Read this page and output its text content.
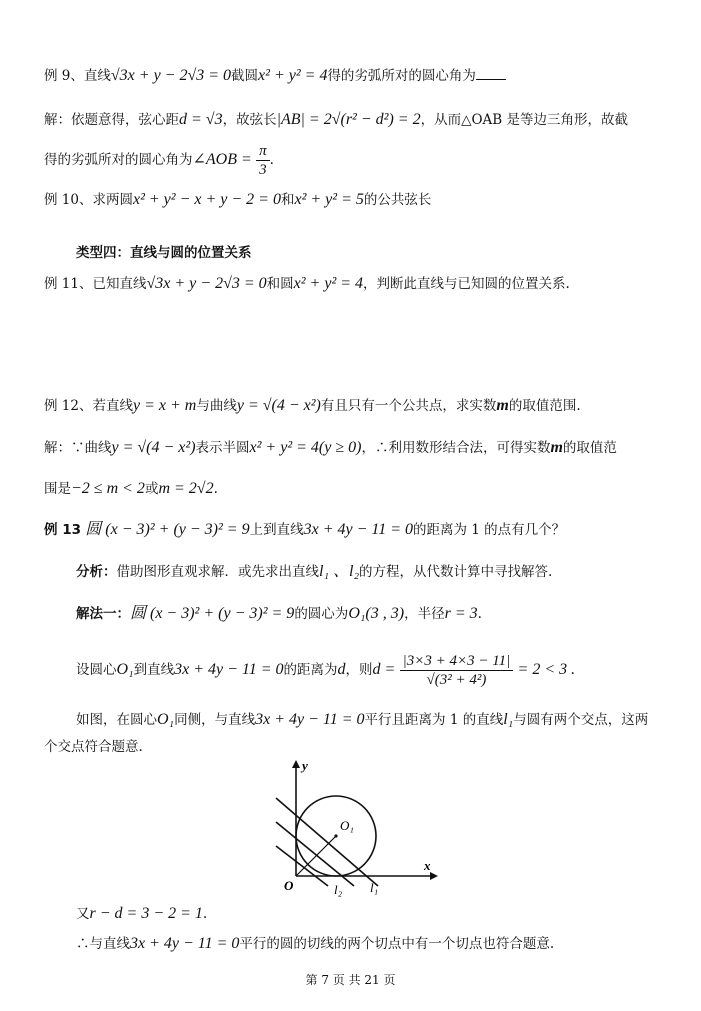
例 9、直线√3x + y − 2√3 = 0截圆x² + y² = 4得的劣弧所对的圆心角为
解：依题意得，弦心距d = √3，故弦长|AB| = 2√(r² − d²) = 2，从而△OAB 是等边三角形，故截
得的劣弧所对的圆心角为∠AOB = $\frac{\pi}{3}$ .
例 10、求两圆x² + y² − x + y − 2 = 0和x² + y² = 5的公共弦长
类型四：直线与圆的位置关系
例 11、已知直线√3x + y − 2√3 = 0和圆x² + y² = 4，判断此直线与已知圆的位置关系.
例 12、若直线y = x + m与曲线y = √(4 − x²)有且只有一个公共点，求实数m的取值范围.
解：∵曲线y = √(4 − x²)表示半圆x² + y² = 4(y ≥ 0)，∴利用数形结合法，可得实数m的取值范
围是−2 ≤ m < 2或m = 2√2.
例 13 圆 (x − 3)² + (y − 3)² = 9上到直线3x + 4y − 11 = 0的距离为 1 的点有几个？
分析：借助图形直观求解．或先求出直线l₁ 、l₂的方程，从代数计算中寻找解答.
解法一：圆 (x − 3)² + (y − 3)² = 9的圆心为O₁(3 , 3)，半径r = 3.
设圆心O₁到直线3x + 4y − 11 = 0的距离为d，则$d = \frac{|3\times 3 + 4\times 3 - 11|}{\text{√(3² + 4²)}} = 2 < 3$ .
如图，在圆心O₁同侧，与直线3x + 4y − 11 = 0平行且距离为 1 的直线l₁与圆有两个交点，这两
个交点符合题意.
y
x
O
O₁
l₂ l₁
又r − d = 3 − 2 = 1.
∴与直线3x + 4y − 11 = 0平行的圆的切线的两个切点中有一个切点也符合题意.
第 7 页 共 21 页
